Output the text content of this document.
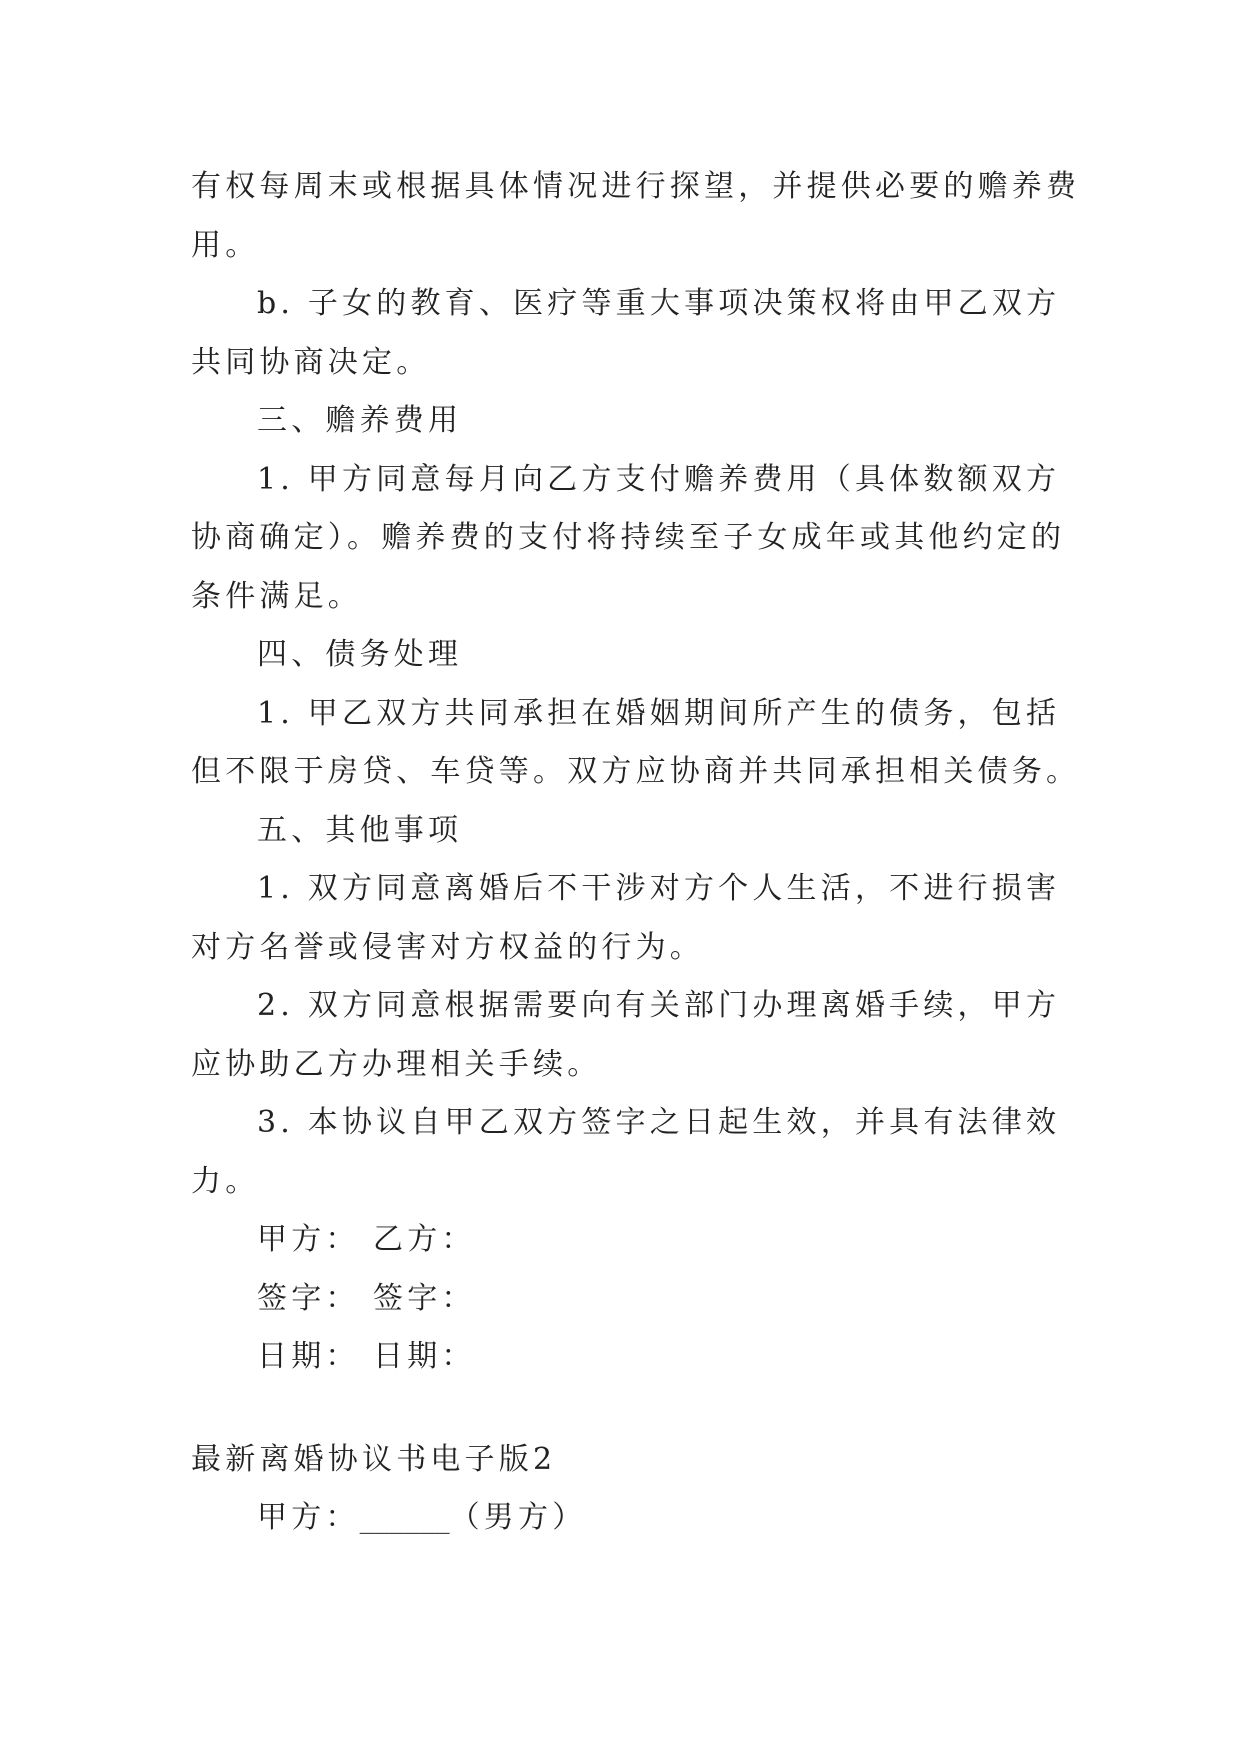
有权每周末或根据具体情况进行探望，并提供必要的赡养费
用。
b. 子女的教育、医疗等重大事项决策权将由甲乙双方
共同协商决定。
三、赡养费用
1. 甲方同意每月向乙方支付赡养费用（具体数额双方
协商确定）。赡养费的支付将持续至子女成年或其他约定的
条件满足。
四、债务处理
1. 甲乙双方共同承担在婚姻期间所产生的债务，包括
但不限于房贷、车贷等。双方应协商并共同承担相关债务。
五、其他事项
1. 双方同意离婚后不干涉对方个人生活，不进行损害
对方名誉或侵害对方权益的行为。
2. 双方同意根据需要向有关部门办理离婚手续，甲方
应协助乙方办理相关手续。
3. 本协议自甲乙双方签字之日起生效，并具有法律效
力。
甲方： 乙方：
签字： 签字：
日期： 日期：
最新离婚协议书电子版2
甲方：______（男方）
